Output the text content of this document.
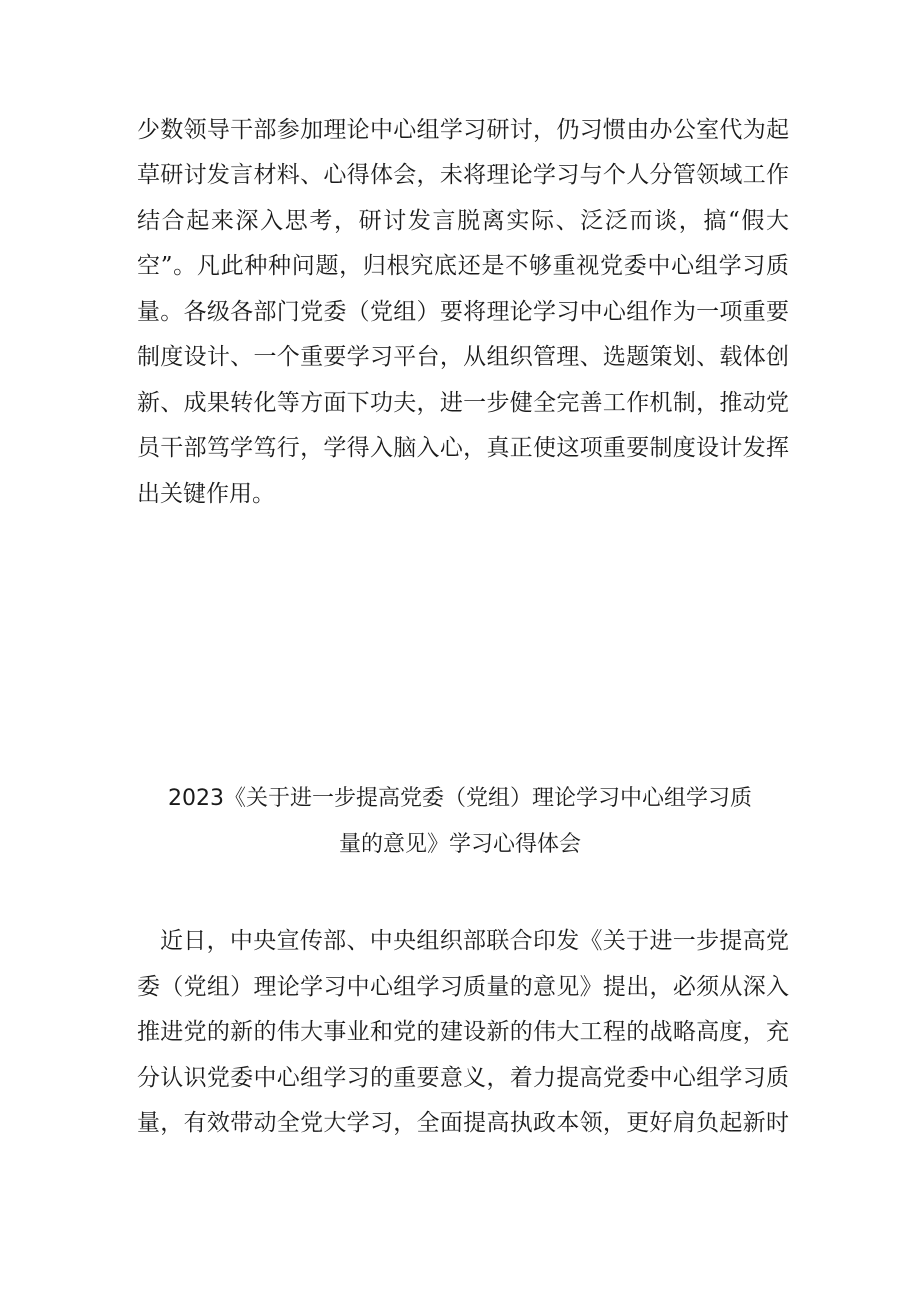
少数领导干部参加理论中心组学习研讨，仍习惯由办公室代为起
草研讨发言材料、心得体会，未将理论学习与个人分管领域工作
结合起来深入思考，研讨发言脱离实际、泛泛而谈，搞“假大
空”。凡此种种问题，归根究底还是不够重视党委中心组学习质
量。各级各部门党委（党组）要将理论学习中心组作为一项重要
制度设计、一个重要学习平台，从组织管理、选题策划、载体创
新、成果转化等方面下功夫，进一步健全完善工作机制，推动党
员干部笃学笃行，学得入脑入心，真正使这项重要制度设计发挥
出关键作用。
2023《关于进一步提高党委（党组）理论学习中心组学习质
量的意见》学习心得体会
近日，中央宣传部、中央组织部联合印发《关于进一步提高党
委（党组）理论学习中心组学习质量的意见》提出，必须从深入
推进党的新的伟大事业和党的建设新的伟大工程的战略高度，充
分认识党委中心组学习的重要意义，着力提高党委中心组学习质
量，有效带动全党大学习，全面提高执政本领，更好肩负起新时
